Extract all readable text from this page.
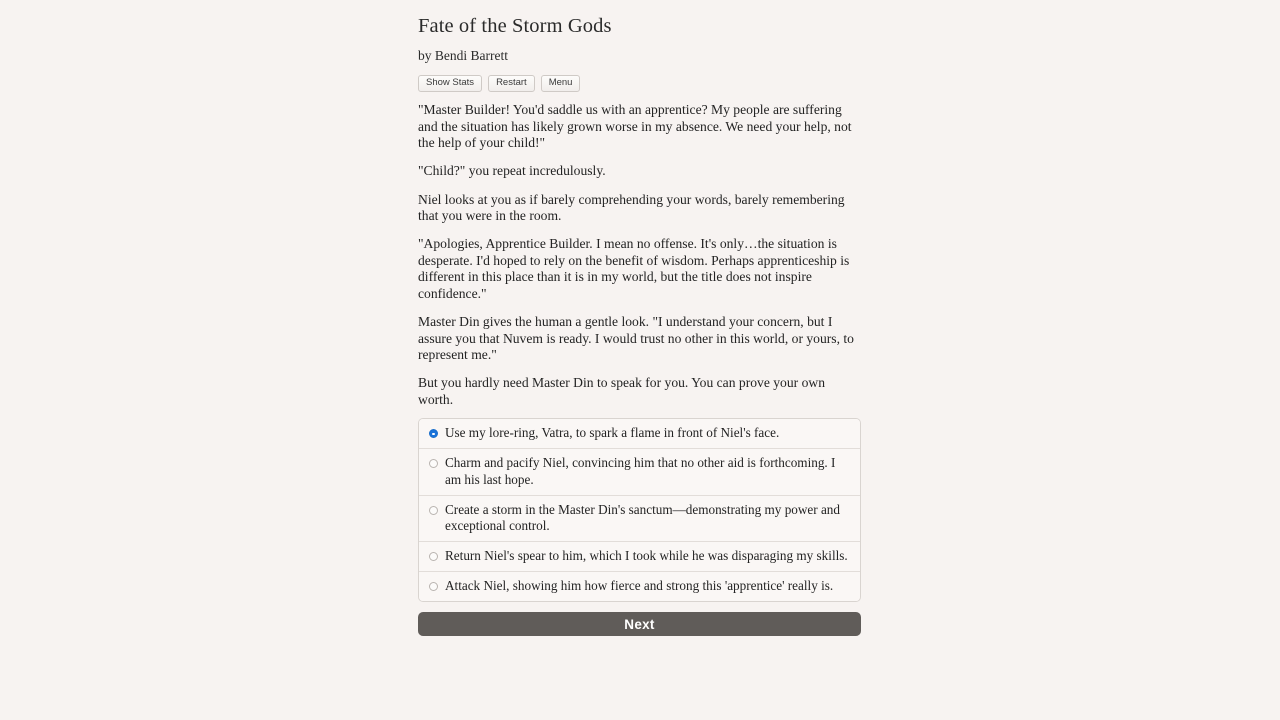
Fate of the Storm Gods
by Bendi Barrett
Show Stats	Restart	Menu

"Master Builder! You'd saddle us with an apprentice? My people are suffering and the situation has likely grown worse in my absence. We need your help, not the help of your child!"

"Child?" you repeat incredulously.

Niel looks at you as if barely comprehending your words, barely remembering that you were in the room.

"Apologies, Apprentice Builder. I mean no offense. It's only…the situation is desperate. I'd hoped to rely on the benefit of wisdom. Perhaps apprenticeship is different in this place than it is in my world, but the title does not inspire confidence."

Master Din gives the human a gentle look. "I understand your concern, but I assure you that Nuvem is ready. I would trust no other in this world, or yours, to represent me."

But you hardly need Master Din to speak for you. You can prove your own worth.

Use my lore-ring, Vatra, to spark a flame in front of Niel's face.
Charm and pacify Niel, convincing him that no other aid is forthcoming. I am his last hope.
Create a storm in the Master Din's sanctum—demonstrating my power and exceptional control.
Return Niel's spear to him, which I took while he was disparaging my skills.
Attack Niel, showing him how fierce and strong this 'apprentice' really is.
Next
